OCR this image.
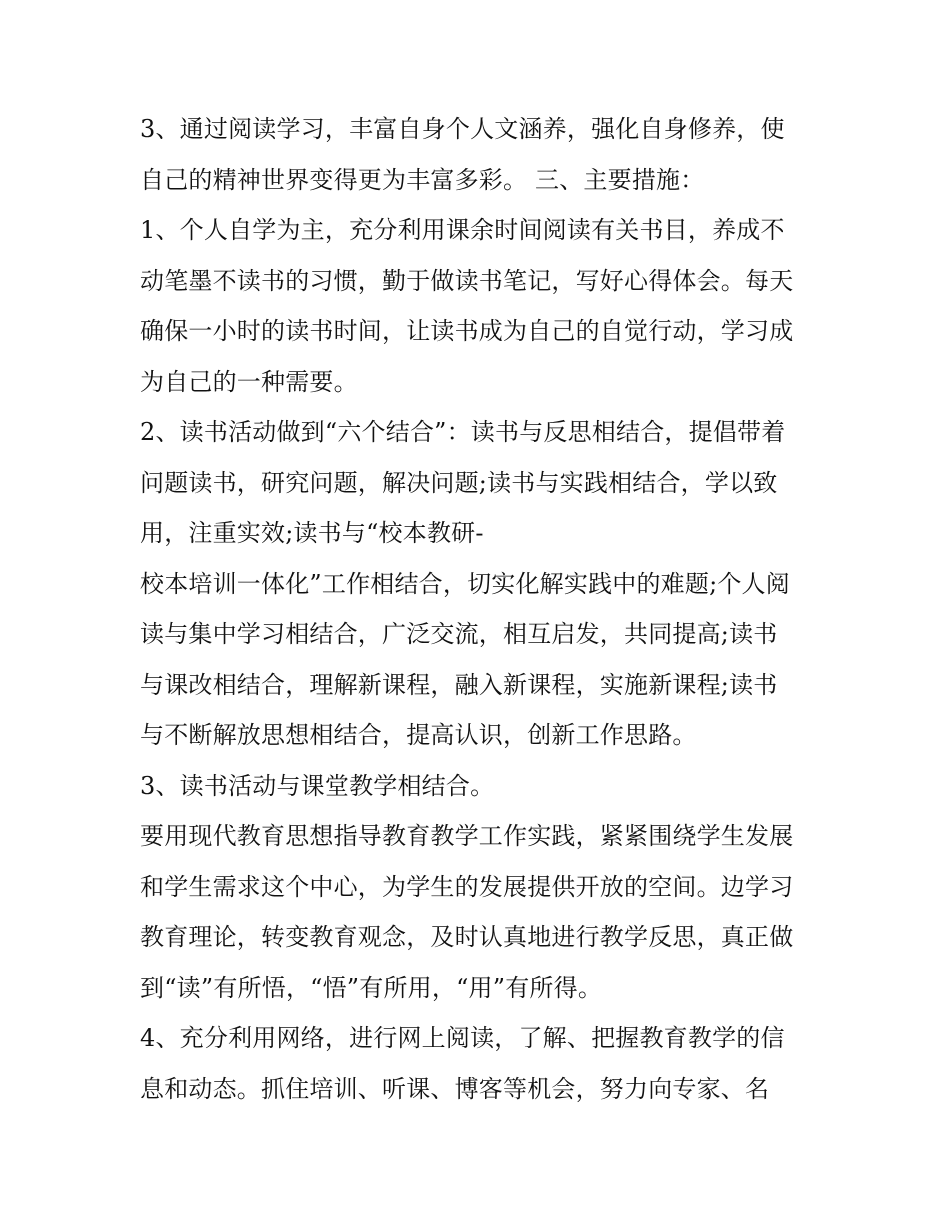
3、通过阅读学习，丰富自身个人文涵养，强化自身修养，使
自己的精神世界变得更为丰富多彩。 三、主要措施：
1、个人自学为主，充分利用课余时间阅读有关书目，养成不
动笔墨不读书的习惯，勤于做读书笔记，写好心得体会。每天
确保一小时的读书时间，让读书成为自己的自觉行动，学习成
为自己的一种需要。
2、读书活动做到“六个结合”：读书与反思相结合，提倡带着
问题读书，研究问题，解决问题;读书与实践相结合，学以致
用，注重实效;读书与“校本教研-
校本培训一体化”工作相结合，切实化解实践中的难题;个人阅
读与集中学习相结合，广泛交流，相互启发，共同提高;读书
与课改相结合，理解新课程，融入新课程，实施新课程;读书
与不断解放思想相结合，提高认识，创新工作思路。
3、读书活动与课堂教学相结合。
要用现代教育思想指导教育教学工作实践，紧紧围绕学生发展
和学生需求这个中心，为学生的发展提供开放的空间。边学习
教育理论，转变教育观念，及时认真地进行教学反思，真正做
到“读”有所悟，“悟”有所用，“用”有所得。
4、充分利用网络，进行网上阅读，了解、把握教育教学的信
息和动态。抓住培训、听课、博客等机会，努力向专家、名
